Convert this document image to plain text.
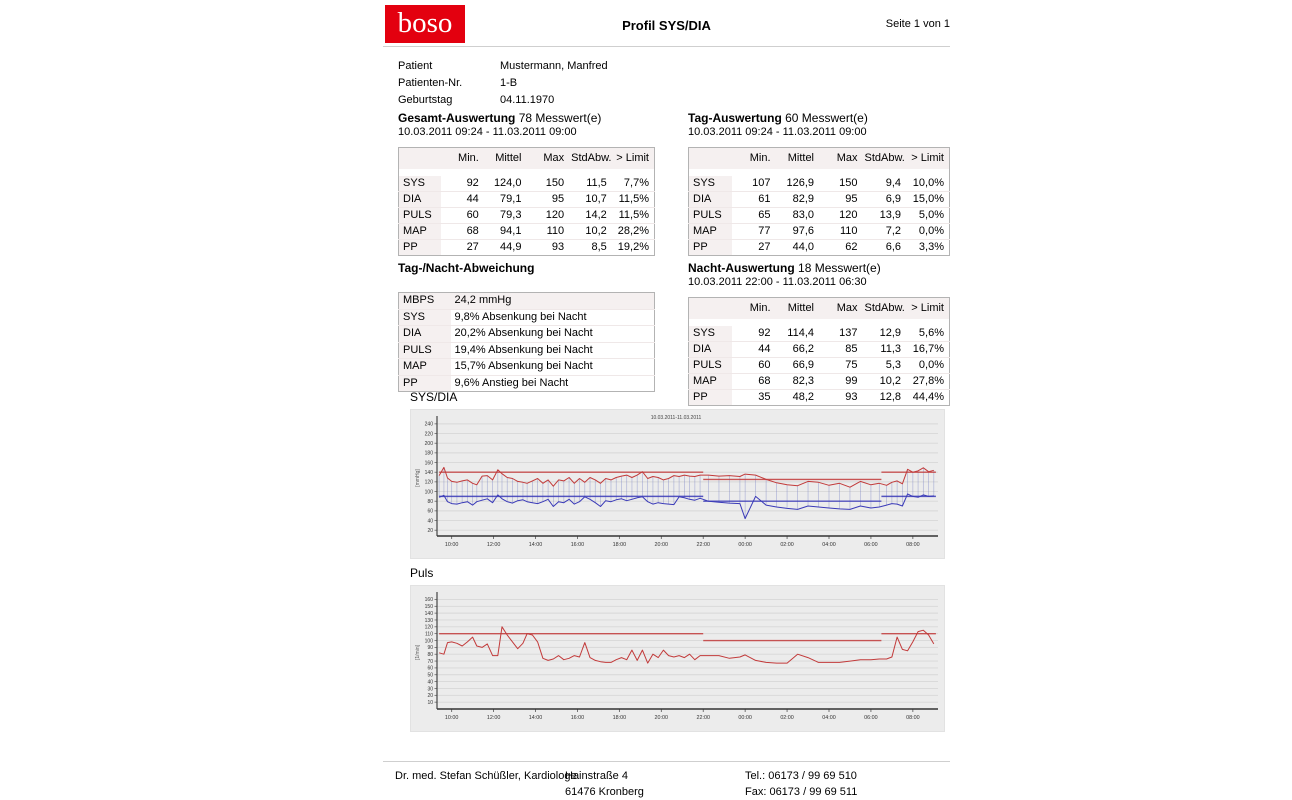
boso	Profil SYS/DIA	Seite 1 von 1
Patient	Mustermann, Manfred
Patienten-Nr.	1-B
Geburtstag	04.11.1970
Gesamt-Auswertung 78 Messwert(e)
10.03.2011 09:24 - 11.03.2011 09:00
	Min.	Mittel	Max	StdAbw.	> Limit

SYS	92	124,0	150	11,5	7,7%
DIA	44	79,1	95	10,7	11,5%
PULS	60	79,3	120	14,2	11,5%
MAP	68	94,1	110	10,2	28,2%
PP	27	44,9	93	8,5	19,2%
Tag-Auswertung 60 Messwert(e)
10.03.2011 09:24 - 11.03.2011 09:00
	Min.	Mittel	Max	StdAbw.	> Limit

SYS	107	126,9	150	9,4	10,0%
DIA	61	82,9	95	6,9	15,0%
PULS	65	83,0	120	13,9	5,0%
MAP	77	97,6	110	7,2	0,0%
PP	27	44,0	62	6,6	3,3%
Tag-/Nacht-Abweichung
MBPS	24,2 mmHg
SYS	9,8% Absenkung bei Nacht
DIA	20,2% Absenkung bei Nacht
PULS	19,4% Absenkung bei Nacht
MAP	15,7% Absenkung bei Nacht
PP	9,6% Anstieg bei Nacht
Nacht-Auswertung 18 Messwert(e)
10.03.2011 22:00 - 11.03.2011 06:30
	Min.	Mittel	Max	StdAbw.	> Limit

SYS	92	114,4	137	12,9	5,6%
DIA	44	66,2	85	11,3	16,7%
PULS	60	66,9	75	5,3	0,0%
MAP	68	82,3	99	10,2	27,8%
PP	35	48,2	93	12,8	44,4%
SYS/DIA
20
40
60
80
100
120
140
160
180
200
220
240
10:00	12:00	14:00	16:00	18:00	20:00	22:00	00:00	02:00	04:00	06:00	08:00
[mmHg]
10.03.2011-11.03.2011
Puls
10
20
30
40
50
60
70
80
90
100
110
120
130
140
150
160
10:00	12:00	14:00	16:00	18:00	20:00	22:00	00:00	02:00	04:00	06:00	08:00
[1/min]
Dr. med. Stefan Schüßler, Kardiologe
Hainstraße 4
61476 Kronberg
Tel.: 06173 / 99 69 510
Fax: 06173 / 99 69 511
